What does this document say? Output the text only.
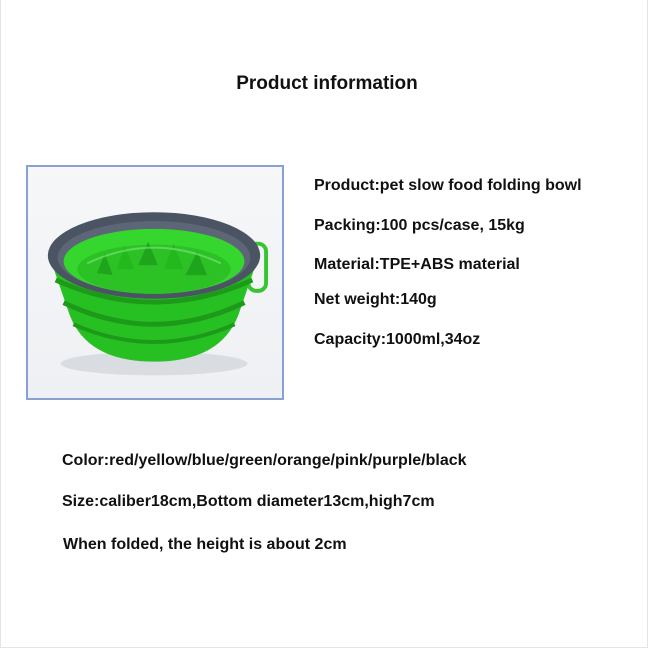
Product information
Product:pet slow food folding bowl
Packing:100 pcs/case, 15kg
Material:TPE+ABS material
Net weight:140g
Capacity:1000ml,34oz
Color:red/yellow/blue/green/orange/pink/purple/black
Size:caliber18cm,Bottom diameter13cm,high7cm
When folded, the height is about 2cm
